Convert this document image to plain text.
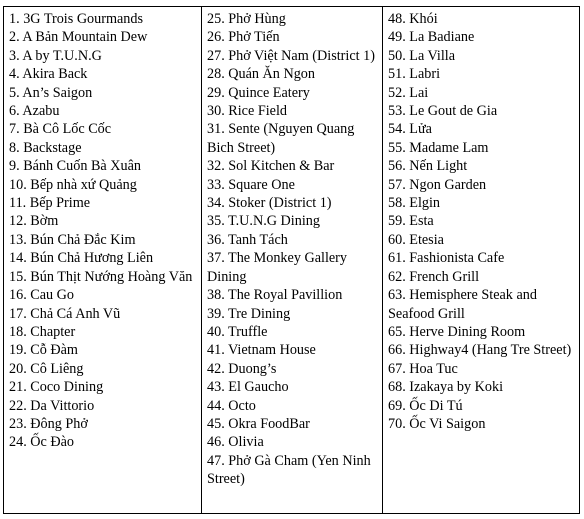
1. 3G Trois Gourmands
2. A Bản Mountain Dew
3. A by T.U.N.G
4. Akira Back
5. An’s Saigon
6. Azabu
7. Bà Cô Lốc Cốc
8. Backstage
9. Bánh Cuốn Bà Xuân
10. Bếp nhà xứ Quảng
11. Bếp Prime
12. Bờm
13. Bún Chả Đắc Kim
14. Bún Chả Hương Liên
15. Bún Thịt Nướng Hoàng Văn
16. Cau Go
17. Chả Cá Anh Vũ
18. Chapter
19. Cỗ Đàm
20. Cô Liêng
21. Coco Dining
22. Da Vittorio
23. Đông Phở
24. Ốc Đào
25. Phở Hùng
26. Phở Tiến
27. Phở Việt Nam (District 1)
28. Quán Ăn Ngon
29. Quince Eatery
30. Rice Field
31. Sente (Nguyen Quang Bich Street)
32. Sol Kitchen & Bar
33. Square One
34. Stoker (District 1)
35. T.U.N.G Dining
36. Tanh Tách
37. The Monkey Gallery Dining
38. The Royal Pavillion
39. Tre Dining
40. Truffle
41. Vietnam House
42. Duong’s
43. El Gaucho
44. Octo
45. Okra FoodBar
46. Olivia
47. Phở Gà Cham (Yen Ninh Street)
48. Khói
49. La Badiane
50. La Villa
51. Labri
52. Lai
53. Le Gout de Gia
54. Lửa
55. Madame Lam
56. Nến Light
57. Ngon Garden
58. Elgin
59. Esta
60. Etesia
61. Fashionista Cafe
62. French Grill
63. Hemisphere Steak and Seafood Grill
65. Herve Dining Room
66. Highway4 (Hang Tre Street)
67. Hoa Tuc
68. Izakaya by Koki
69. Ốc Di Tú
70. Ốc Vi Saigon
